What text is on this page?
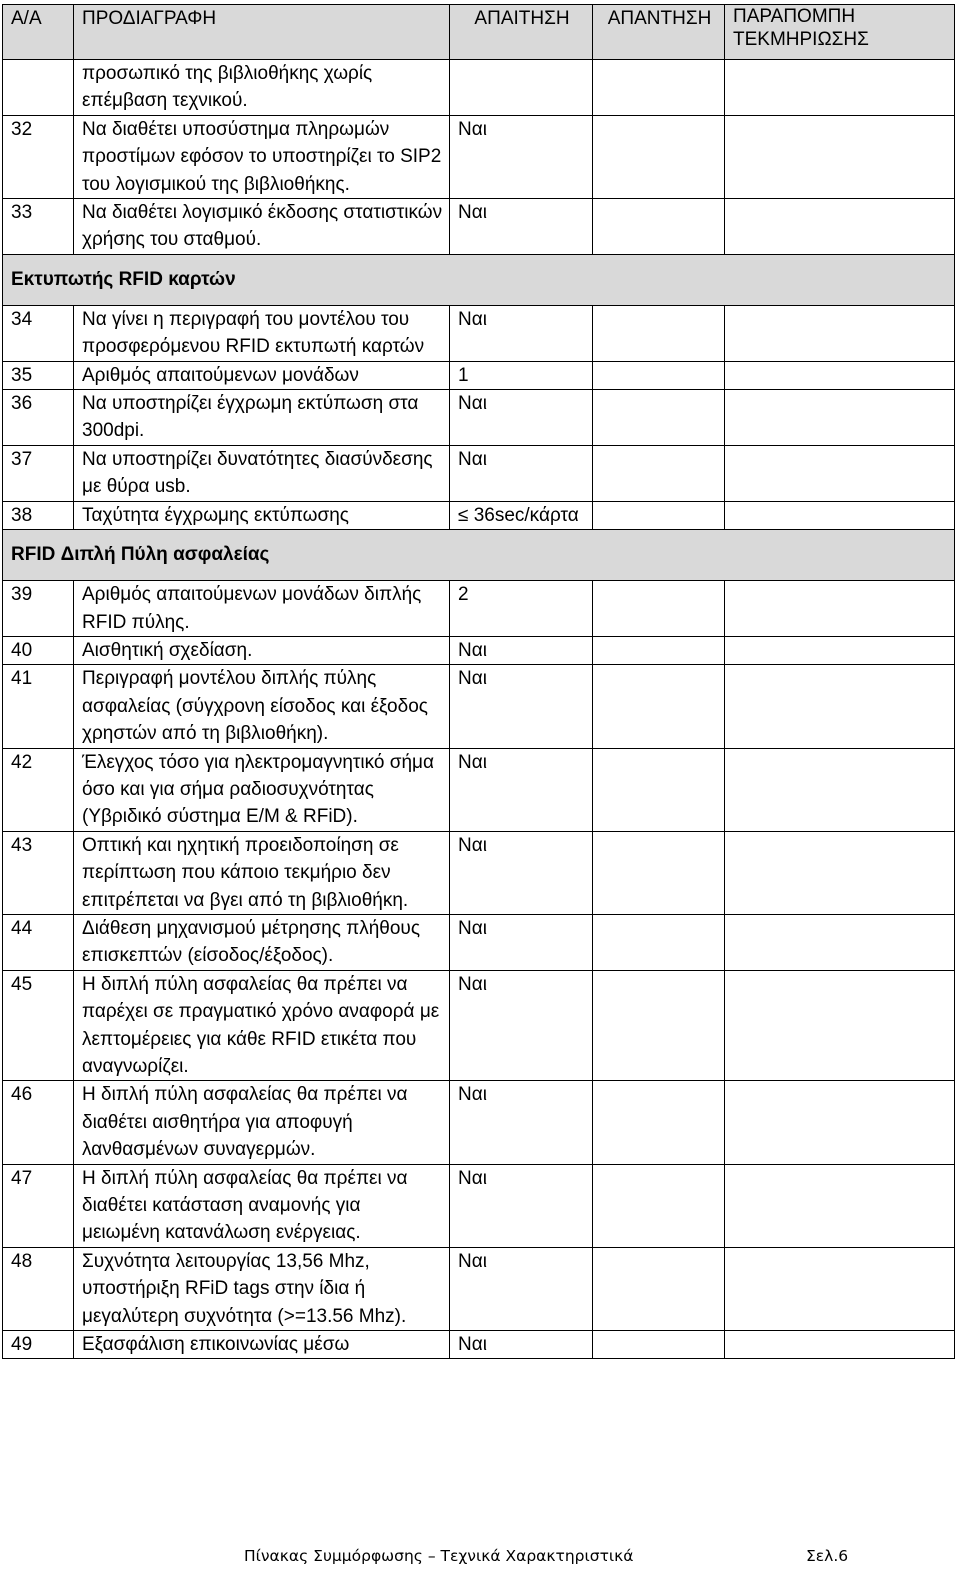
Α/Α	ΠΡΟΔΙΑΓΡΑΦΗ	ΑΠΑΙΤΗΣΗ	ΑΠΑΝΤΗΣΗ	ΠΑΡΑΠΟΜΠΗ ΤΕΚΜΗΡΙΩΣΗΣ
	προσωπικό της βιβλιοθήκης χωρίς επέμβαση τεχνικού.			
32	Να διαθέτει υποσύστημα πληρωμών προστίμων εφόσον το υποστηρίζει το SIP2 του λογισμικού της βιβλιοθήκης.	Ναι		
33	Να διαθέτει λογισμικό έκδοσης στατιστικών χρήσης του σταθμού.	Ναι		
Εκτυπωτής RFID καρτών				
34	Να γίνει η περιγραφή του μοντέλου του προσφερόμενου RFID εκτυπωτή καρτών	Ναι		
35	Αριθμός απαιτούμενων μονάδων	1		
36	Να υποστηρίζει έγχρωμη εκτύπωση στα 300dpi.	Ναι		
37	Να υποστηρίζει δυνατότητες διασύνδεσης με θύρα usb.	Ναι		
38	Ταχύτητα έγχρωμης εκτύπωσης	≤ 36sec/κάρτα		
RFID Διπλή Πύλη ασφαλείας				
39	Αριθμός απαιτούμενων μονάδων διπλής RFID πύλης.	2		
40	Αισθητική σχεδίαση.	Ναι		
41	Περιγραφή μοντέλου διπλής πύλης ασφαλείας (σύγχρονη είσοδος και έξοδος χρηστών από τη βιβλιοθήκη).	Ναι		
42	Έλεγχος τόσο για ηλεκτρομαγνητικό σήμα όσο και για σήμα ραδιοσυχνότητας (Υβριδικό σύστημα Ε/Μ & RFiD).	Ναι		
43	Οπτική και ηχητική προειδοποίηση σε περίπτωση που κάποιο τεκμήριο δεν επιτρέπεται να βγει από τη βιβλιοθήκη.	Ναι		
44	Διάθεση μηχανισμού μέτρησης πλήθους επισκεπτών (είσοδος/έξοδος).	Ναι		
45	Η διπλή πύλη ασφαλείας θα πρέπει να παρέχει σε πραγματικό χρόνο αναφορά με λεπτομέρειες για κάθε RFID ετικέτα που αναγνωρίζει.	Ναι		
46	Η διπλή πύλη ασφαλείας θα πρέπει να διαθέτει αισθητήρα για αποφυγή λανθασμένων συναγερμών.	Ναι		
47	Η διπλή πύλη ασφαλείας θα πρέπει να διαθέτει κατάσταση αναμονής για μειωμένη κατανάλωση ενέργειας.	Ναι		
48	Συχνότητα λειτουργίας 13,56 Mhz, υποστήριξη RFiD tags στην ίδια ή μεγαλύτερη συχνότητα (>=13.56 Mhz).	Ναι		
49	Εξασφάλιση επικοινωνίας μέσω	Ναι		
Πίνακας Συμμόρφωσης – Τεχνικά Χαρακτηριστικά	Σελ.6
